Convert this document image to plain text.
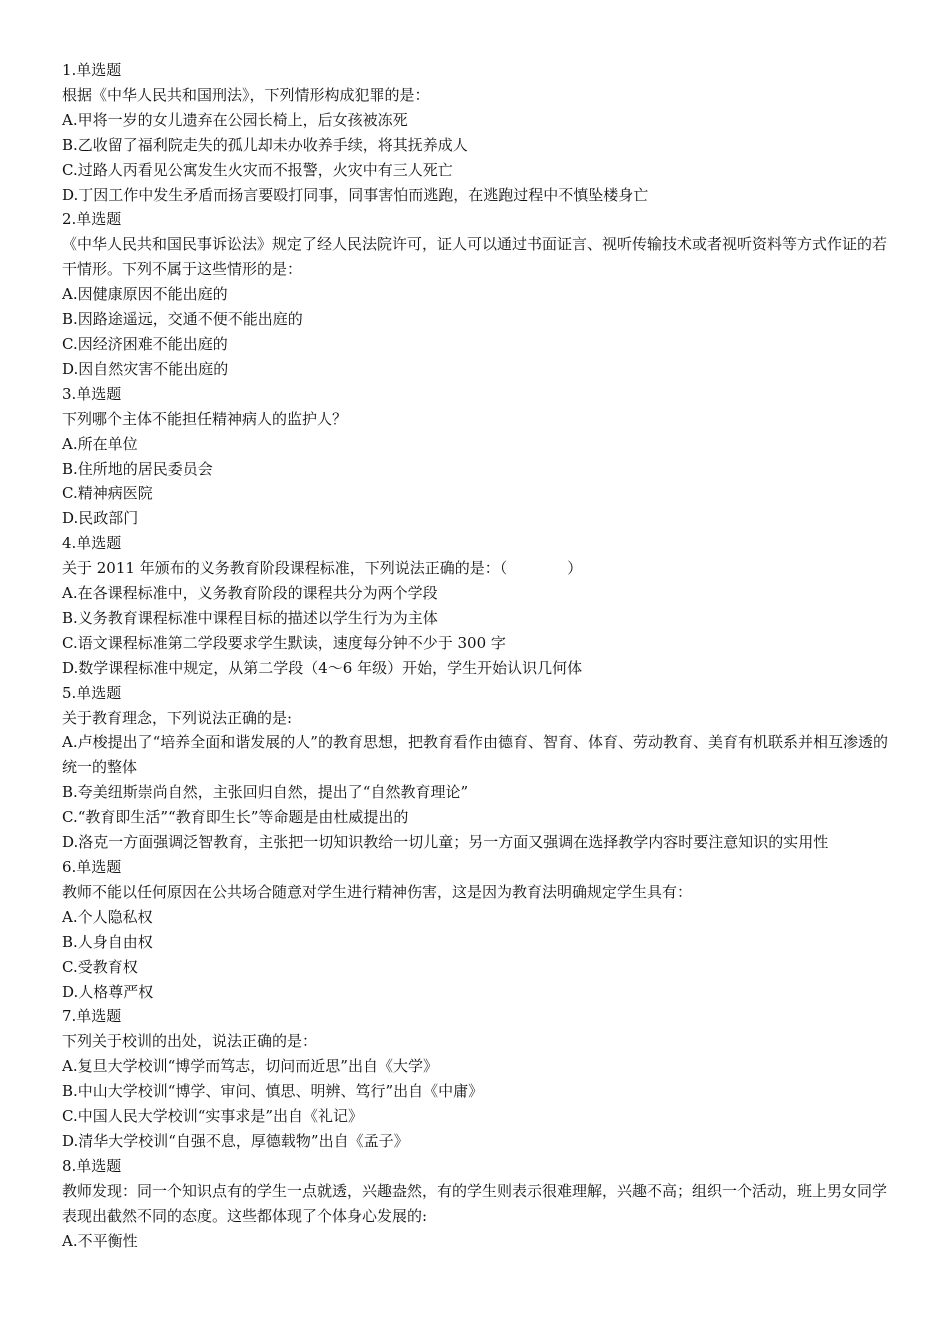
1.单选题

根据《中华人民共和国刑法》，下列情形构成犯罪的是：

A.甲将一岁的女儿遗弃在公园长椅上，后女孩被冻死

B.乙收留了福利院走失的孤儿却未办收养手续，将其抚养成人

C.过路人丙看见公寓发生火灾而不报警，火灾中有三人死亡

D.丁因工作中发生矛盾而扬言要殴打同事，同事害怕而逃跑，在逃跑过程中不慎坠楼身亡

2.单选题

《中华人民共和国民事诉讼法》规定了经人民法院许可，证人可以通过书面证言、视听传输技术或者视听资料等方式作证的若干情形。下列不属于这些情形的是：

A.因健康原因不能出庭的

B.因路途遥远，交通不便不能出庭的

C.因经济困难不能出庭的

D.因自然灾害不能出庭的

3.单选题

下列哪个主体不能担任精神病人的监护人？

A.所在单位

B.住所地的居民委员会

C.精神病医院

D.民政部门

4.单选题

关于 2011 年颁布的义务教育阶段课程标准，下列说法正确的是：（　　　　）

A.在各课程标准中，义务教育阶段的课程共分为两个学段

B.义务教育课程标准中课程目标的描述以学生行为为主体

C.语文课程标准第二学段要求学生默读，速度每分钟不少于 300 字

D.数学课程标准中规定，从第二学段（4～6 年级）开始，学生开始认识几何体

5.单选题

关于教育理念，下列说法正确的是:

A.卢梭提出了“培养全面和谐发展的人”的教育思想，把教育看作由德育、智育、体育、劳动教育、美育有机联系并相互渗透的统一的整体

B.夸美纽斯崇尚自然，主张回归自然，提出了“自然教育理论”

C.“教育即生活”“教育即生长”等命题是由杜威提出的

D.洛克一方面强调泛智教育，主张把一切知识教给一切儿童；另一方面又强调在选择教学内容时要注意知识的实用性

6.单选题

教师不能以任何原因在公共场合随意对学生进行精神伤害，这是因为教育法明确规定学生具有：

A.个人隐私权

B.人身自由权

C.受教育权

D.人格尊严权

7.单选题

下列关于校训的出处，说法正确的是：

A.复旦大学校训“博学而笃志，切问而近思”出自《大学》

B.中山大学校训“博学、审问、慎思、明辨、笃行”出自《中庸》

C.中国人民大学校训“实事求是”出自《礼记》

D.清华大学校训“自强不息，厚德载物”出自《孟子》

8.单选题

教师发现：同一个知识点有的学生一点就透，兴趣盎然，有的学生则表示很难理解，兴趣不高；组织一个活动，班上男女同学表现出截然不同的态度。这些都体现了个体身心发展的:

A.不平衡性
